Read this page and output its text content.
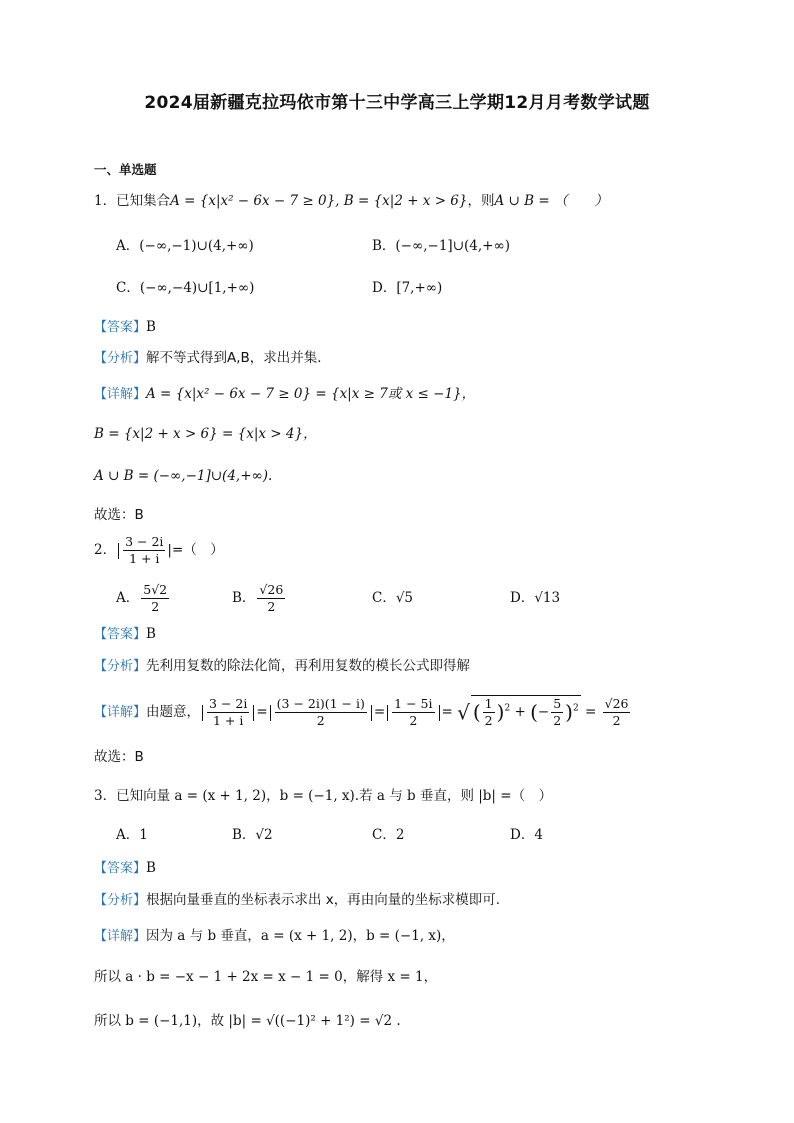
2024届新疆克拉玛依市第十三中学高三上学期12月月考数学试题
一、单选题
1．已知集合A = {x|x² − 6x − 7 ≥ 0}, B = {x|2 + x > 6}，则A ∪ B = （　　）
A．(−∞,−1)∪(4,+∞)	B．(−∞,−1]∪(4,+∞)
C．(−∞,−4)∪[1,+∞)	D．[7,+∞)
【答案】B
【分析】解不等式得到A,B，求出并集.
【详解】A = {x|x² − 6x − 7 ≥ 0} = {x|x ≥ 7或 x ≤ −1}，
B = {x|2 + x > 6} = {x|x > 4}，
A ∪ B = (−∞,−1]∪(4,+∞).
故选：B
2． $\frac{3 - 2i}{1 + i}$ |=（　）
A． $\frac{5√2}{2}$	B． $\frac{√26}{2}$	C．√5	D．√13
【答案】B
【分析】先利用复数的除法化简，再利用复数的模长公式即得解
【详解】由题意， $\frac{3 - 2i}{1 + i} = \frac{(3 - 2i)(1 - i)}{2} = \frac{1 - 5i}{2}$ = √ ( $\frac{1}{2} )^2$ + (− $\frac{5}{2} )^2 = \frac{√26}{2}$
故选：B
3．已知向量 a = (x + 1, 2)，b = (−1, x).若 a 与 b 垂直，则 |b| =（　）
A．1	B．√2	C．2	D．4
【答案】B
【分析】根据向量垂直的坐标表示求出 x，再由向量的坐标求模即可.
【详解】因为 a 与 b 垂直，a = (x + 1, 2)，b = (−1, x)，
所以 a · b = −x − 1 + 2x = x − 1 = 0，解得 x = 1，
所以 b = (−1,1)，故 |b| = √((−1)² + 1²) = √2 .
